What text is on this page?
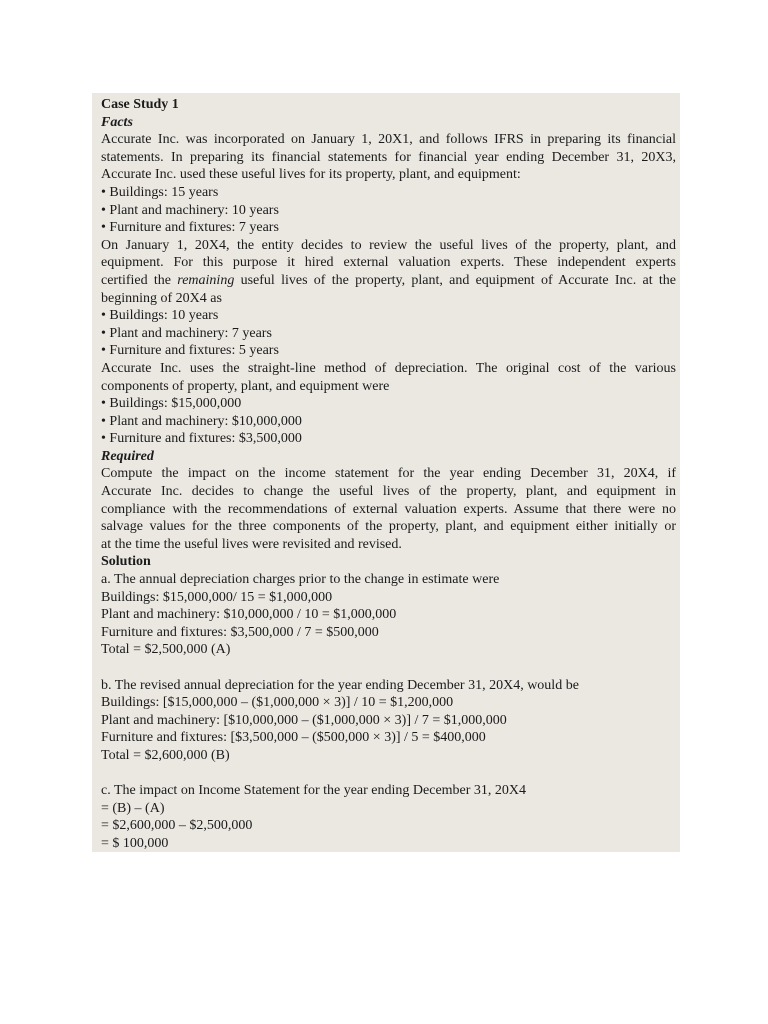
Case Study 1

Facts

Accurate Inc. was incorporated on January 1, 20X1, and follows IFRS in preparing its financial

statements. In preparing its financial statements for financial year ending December 31, 20X3,

Accurate Inc. used these useful lives for its property, plant, and equipment:

• Buildings: 15 years

• Plant and machinery: 10 years

• Furniture and fixtures: 7 years

On January 1, 20X4, the entity decides to review the useful lives of the property, plant, and

equipment. For this purpose it hired external valuation experts. These independent experts

certified the remaining useful lives of the property, plant, and equipment of Accurate Inc. at the

beginning of 20X4 as

• Buildings: 10 years

• Plant and machinery: 7 years

• Furniture and fixtures: 5 years

Accurate Inc. uses the straight-line method of depreciation. The original cost of the various

components of property, plant, and equipment were

• Buildings: $15,000,000

• Plant and machinery: $10,000,000

• Furniture and fixtures: $3,500,000

Required

Compute the impact on the income statement for the year ending December 31, 20X4, if

Accurate Inc. decides to change the useful lives of the property, plant, and equipment in

compliance with the recommendations of external valuation experts. Assume that there were no

salvage values for the three components of the property, plant, and equipment either initially or

at the time the useful lives were revisited and revised.

Solution

a. The annual depreciation charges prior to the change in estimate were

Buildings: $15,000,000/ 15 = $1,000,000

Plant and machinery: $10,000,000 / 10 = $1,000,000

Furniture and fixtures: $3,500,000 / 7 = $500,000

Total = $2,500,000 (A)

b. The revised annual depreciation for the year ending December 31, 20X4, would be

Buildings: [$15,000,000 – ($1,000,000 × 3)] / 10 = $1,200,000

Plant and machinery: [$10,000,000 – ($1,000,000 × 3)] / 7 = $1,000,000

Furniture and fixtures: [$3,500,000 – ($500,000 × 3)] / 5 = $400,000

Total = $2,600,000 (B)

c. The impact on Income Statement for the year ending December 31, 20X4

= (B) – (A)

= $2,600,000 – $2,500,000

= $ 100,000
